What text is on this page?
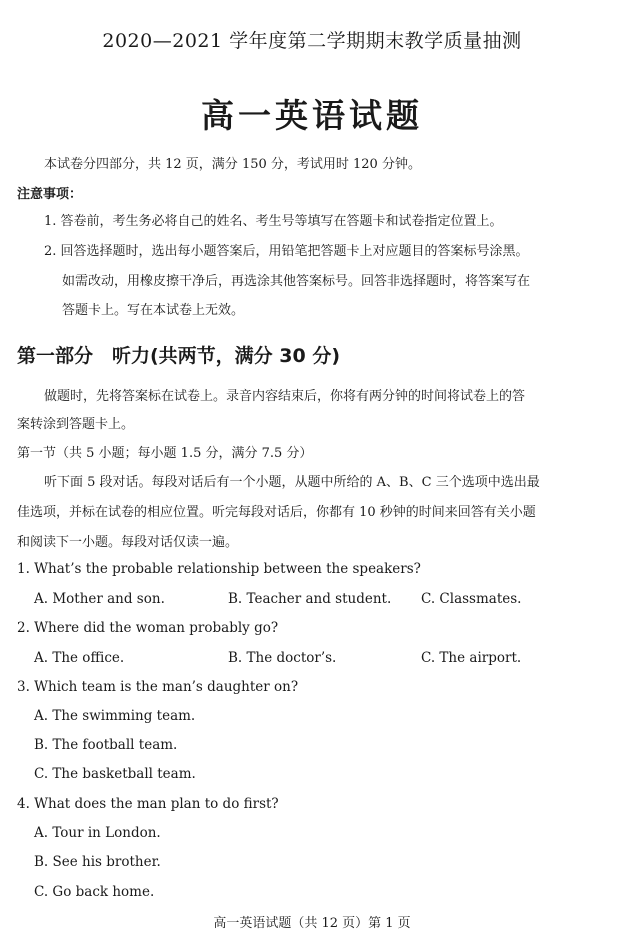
2020—2021 学年度第二学期期末教学质量抽测
高一英语试题
本试卷分四部分，共 12 页，满分 150 分，考试用时 120 分钟。
注意事项：
1. 答卷前，考生务必将自己的姓名、考生号等填写在答题卡和试卷指定位置上。
2. 回答选择题时，选出每小题答案后，用铅笔把答题卡上对应题目的答案标号涂黑。
如需改动，用橡皮擦干净后，再选涂其他答案标号。回答非选择题时，将答案写在
答题卡上。写在本试卷上无效。
第一部分　听力(共两节，满分 30 分)
做题时，先将答案标在试卷上。录音内容结束后，你将有两分钟的时间将试卷上的答
案转涂到答题卡上。
第一节（共 5 小题；每小题 1.5 分，满分 7.5 分）
听下面 5 段对话。每段对话后有一个小题，从题中所给的 A、B、C 三个选项中选出最
佳选项，并标在试卷的相应位置。听完每段对话后，你都有 10 秒钟的时间来回答有关小题
和阅读下一小题。每段对话仅读一遍。
1. What’s the probable relationship between the speakers?
A. Mother and son.	B. Teacher and student. C. Classmates.
2. Where did the woman probably go?
A. The office.	B. The doctor’s.	C. The airport.
3. Which team is the man’s daughter on?
A. The swimming team.
B. The football team.
C. The basketball team.
4. What does the man plan to do first?
A. Tour in London.
B. See his brother.
C. Go back home.
高一英语试题（共 12 页）第 1 页
